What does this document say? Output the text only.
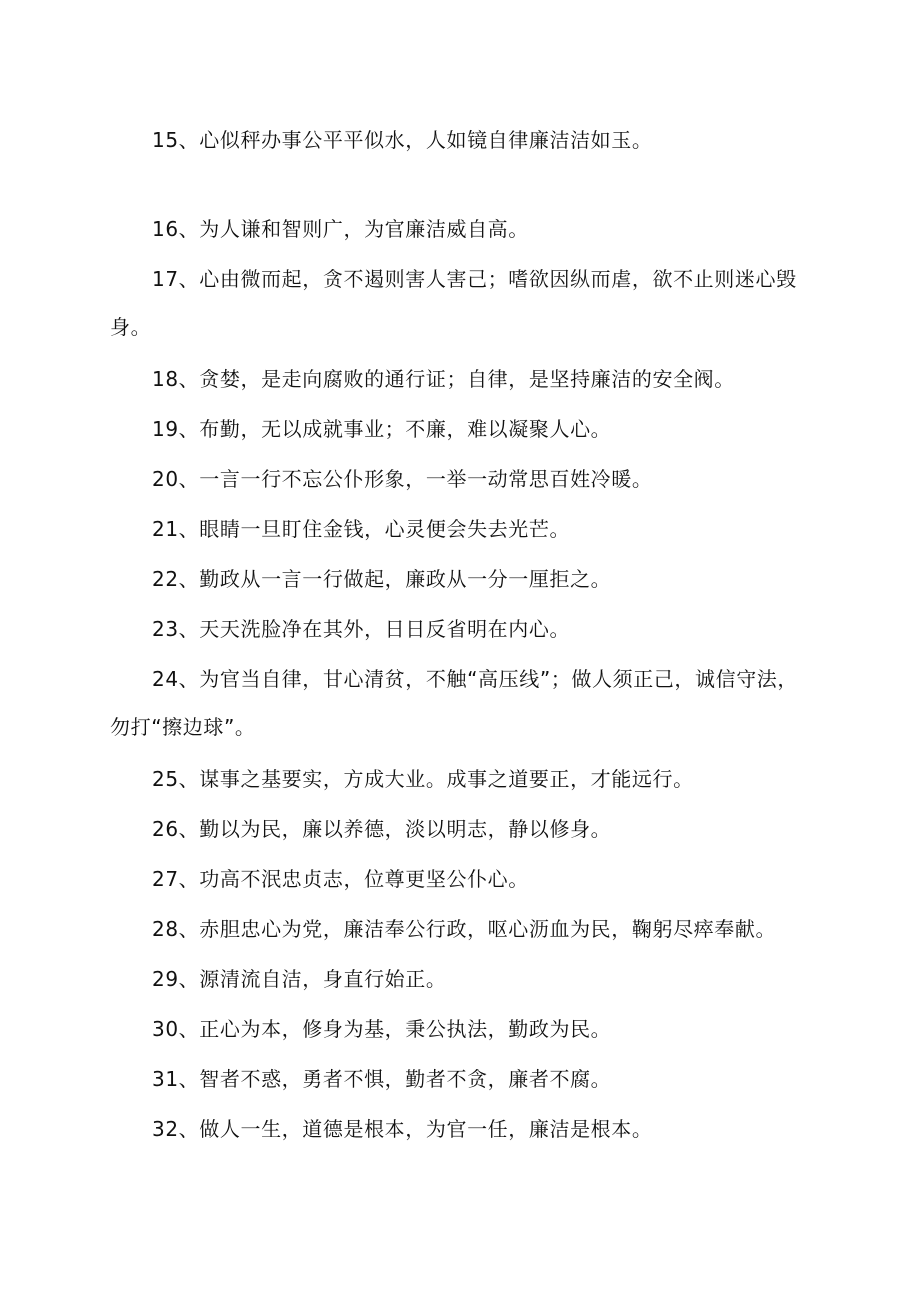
15、心似秤办事公平平似水，人如镜自律廉洁洁如玉。

16、为人谦和智则广，为官廉洁威自高。

17、心由微而起，贪不遏则害人害己；嗜欲因纵而虐，欲不止则迷心毁身。

18、贪婪，是走向腐败的通行证；自律，是坚持廉洁的安全阀。

19、布勤，无以成就事业；不廉，难以凝聚人心。

20、一言一行不忘公仆形象，一举一动常思百姓冷暖。

21、眼睛一旦盯住金钱，心灵便会失去光芒。

22、勤政从一言一行做起，廉政从一分一厘拒之。

23、天天洗脸净在其外，日日反省明在内心。

24、为官当自律，甘心清贫，不触“高压线”；做人须正己，诚信守法，勿打“擦边球”。

25、谋事之基要实，方成大业。成事之道要正，才能远行。

26、勤以为民，廉以养德，淡以明志，静以修身。

27、功高不泯忠贞志，位尊更坚公仆心。

28、赤胆忠心为党，廉洁奉公行政，呕心沥血为民，鞠躬尽瘁奉献。

29、源清流自洁，身直行始正。

30、正心为本，修身为基，秉公执法，勤政为民。

31、智者不惑，勇者不惧，勤者不贪，廉者不腐。

32、做人一生，道德是根本，为官一任，廉洁是根本。
